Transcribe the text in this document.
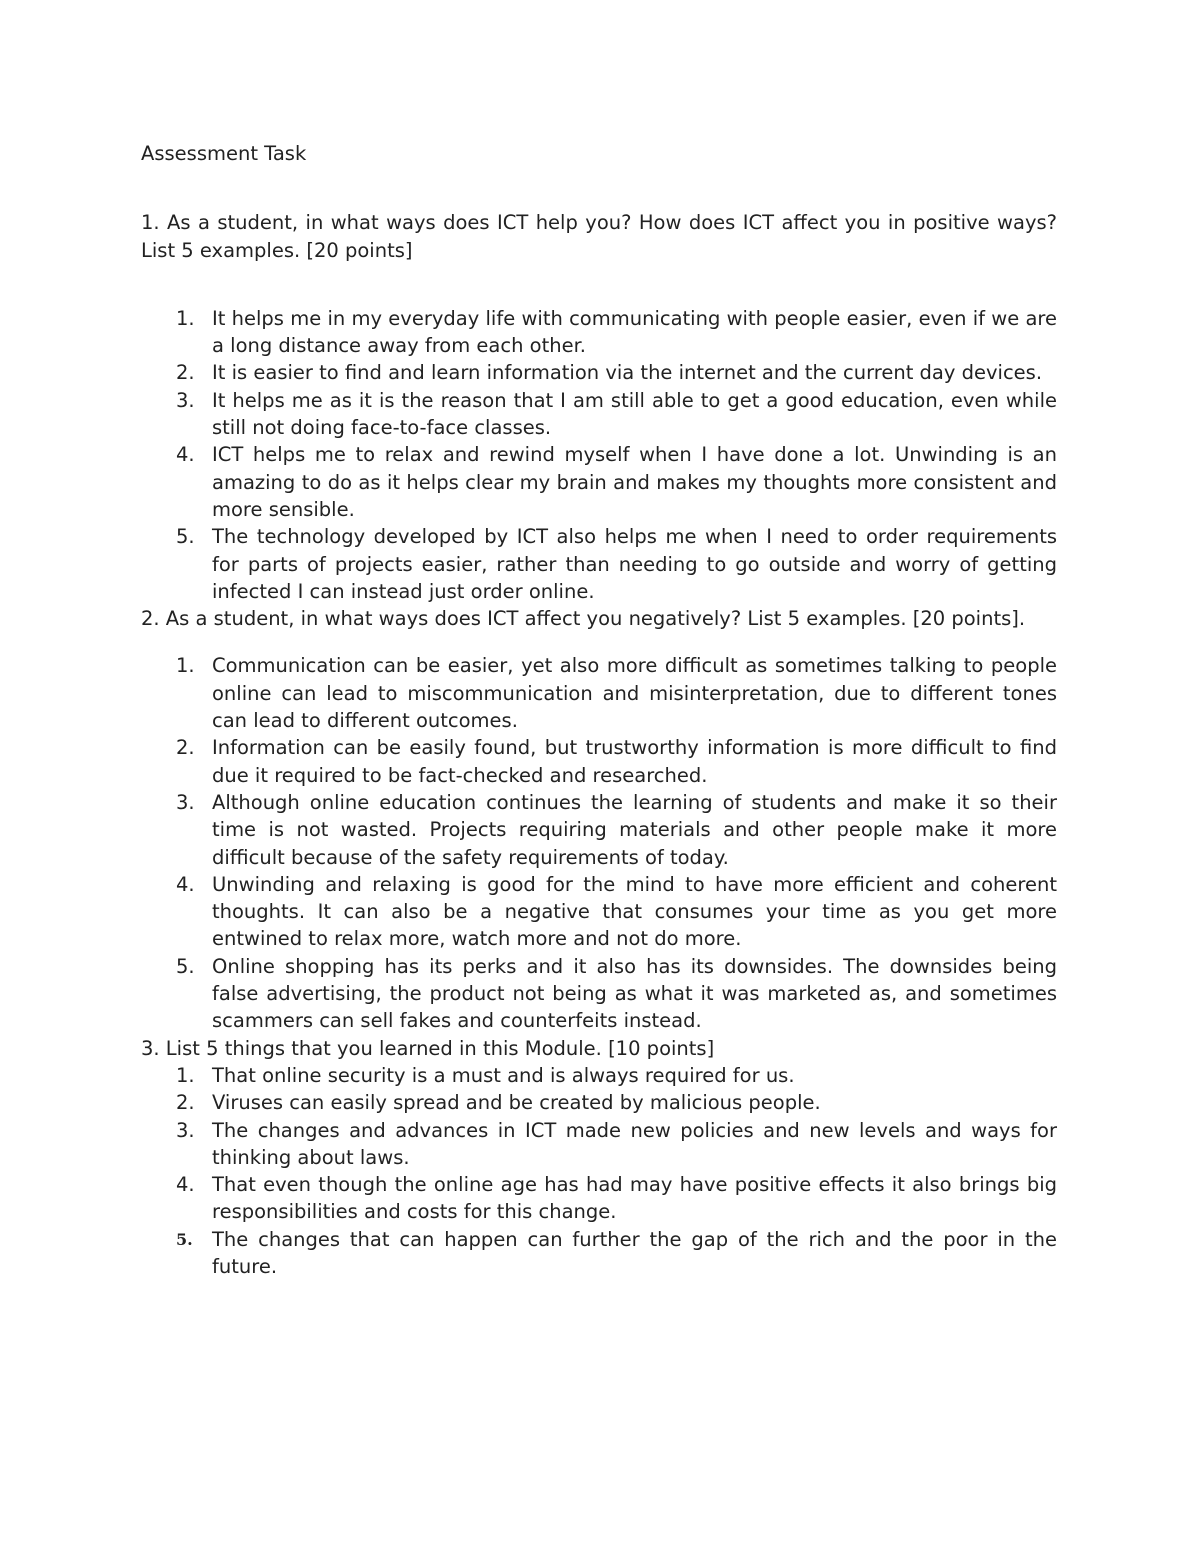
Assessment Task

1. As a student, in what ways does ICT help you? How does ICT affect you in positive ways? List 5 examples. [20 points]

1. It helps me in my everyday life with communicating with people easier, even if we are a long distance away from each other.
2. It is easier to find and learn information via the internet and the current day devices.
3. It helps me as it is the reason that I am still able to get a good education, even while still not doing face-to-face classes.
4. ICT helps me to relax and rewind myself when I have done a lot. Unwinding is an amazing to do as it helps clear my brain and makes my thoughts more consistent and more sensible.
5. The technology developed by ICT also helps me when I need to order requirements for parts of projects easier, rather than needing to go outside and worry of getting infected I can instead just order online.

2. As a student, in what ways does ICT affect you negatively? List 5 examples. [20 points].

1. Communication can be easier, yet also more difficult as sometimes talking to people online can lead to miscommunication and misinterpretation, due to different tones can lead to different outcomes.
2. Information can be easily found, but trustworthy information is more difficult to find due it required to be fact-checked and researched.
3. Although online education continues the learning of students and make it so their time is not wasted. Projects requiring materials and other people make it more difficult because of the safety requirements of today.
4. Unwinding and relaxing is good for the mind to have more efficient and coherent thoughts. It can also be a negative that consumes your time as you get more entwined to relax more, watch more and not do more.
5. Online shopping has its perks and it also has its downsides. The downsides being false advertising, the product not being as what it was marketed as, and sometimes scammers can sell fakes and counterfeits instead.

3. List 5 things that you learned in this Module. [10 points]

1. That online security is a must and is always required for us.
2. Viruses can easily spread and be created by malicious people.
3. The changes and advances in ICT made new policies and new levels and ways for thinking about laws.
4. That even though the online age has had may have positive effects it also brings big responsibilities and costs for this change.
5. The changes that can happen can further the gap of the rich and the poor in the future.
